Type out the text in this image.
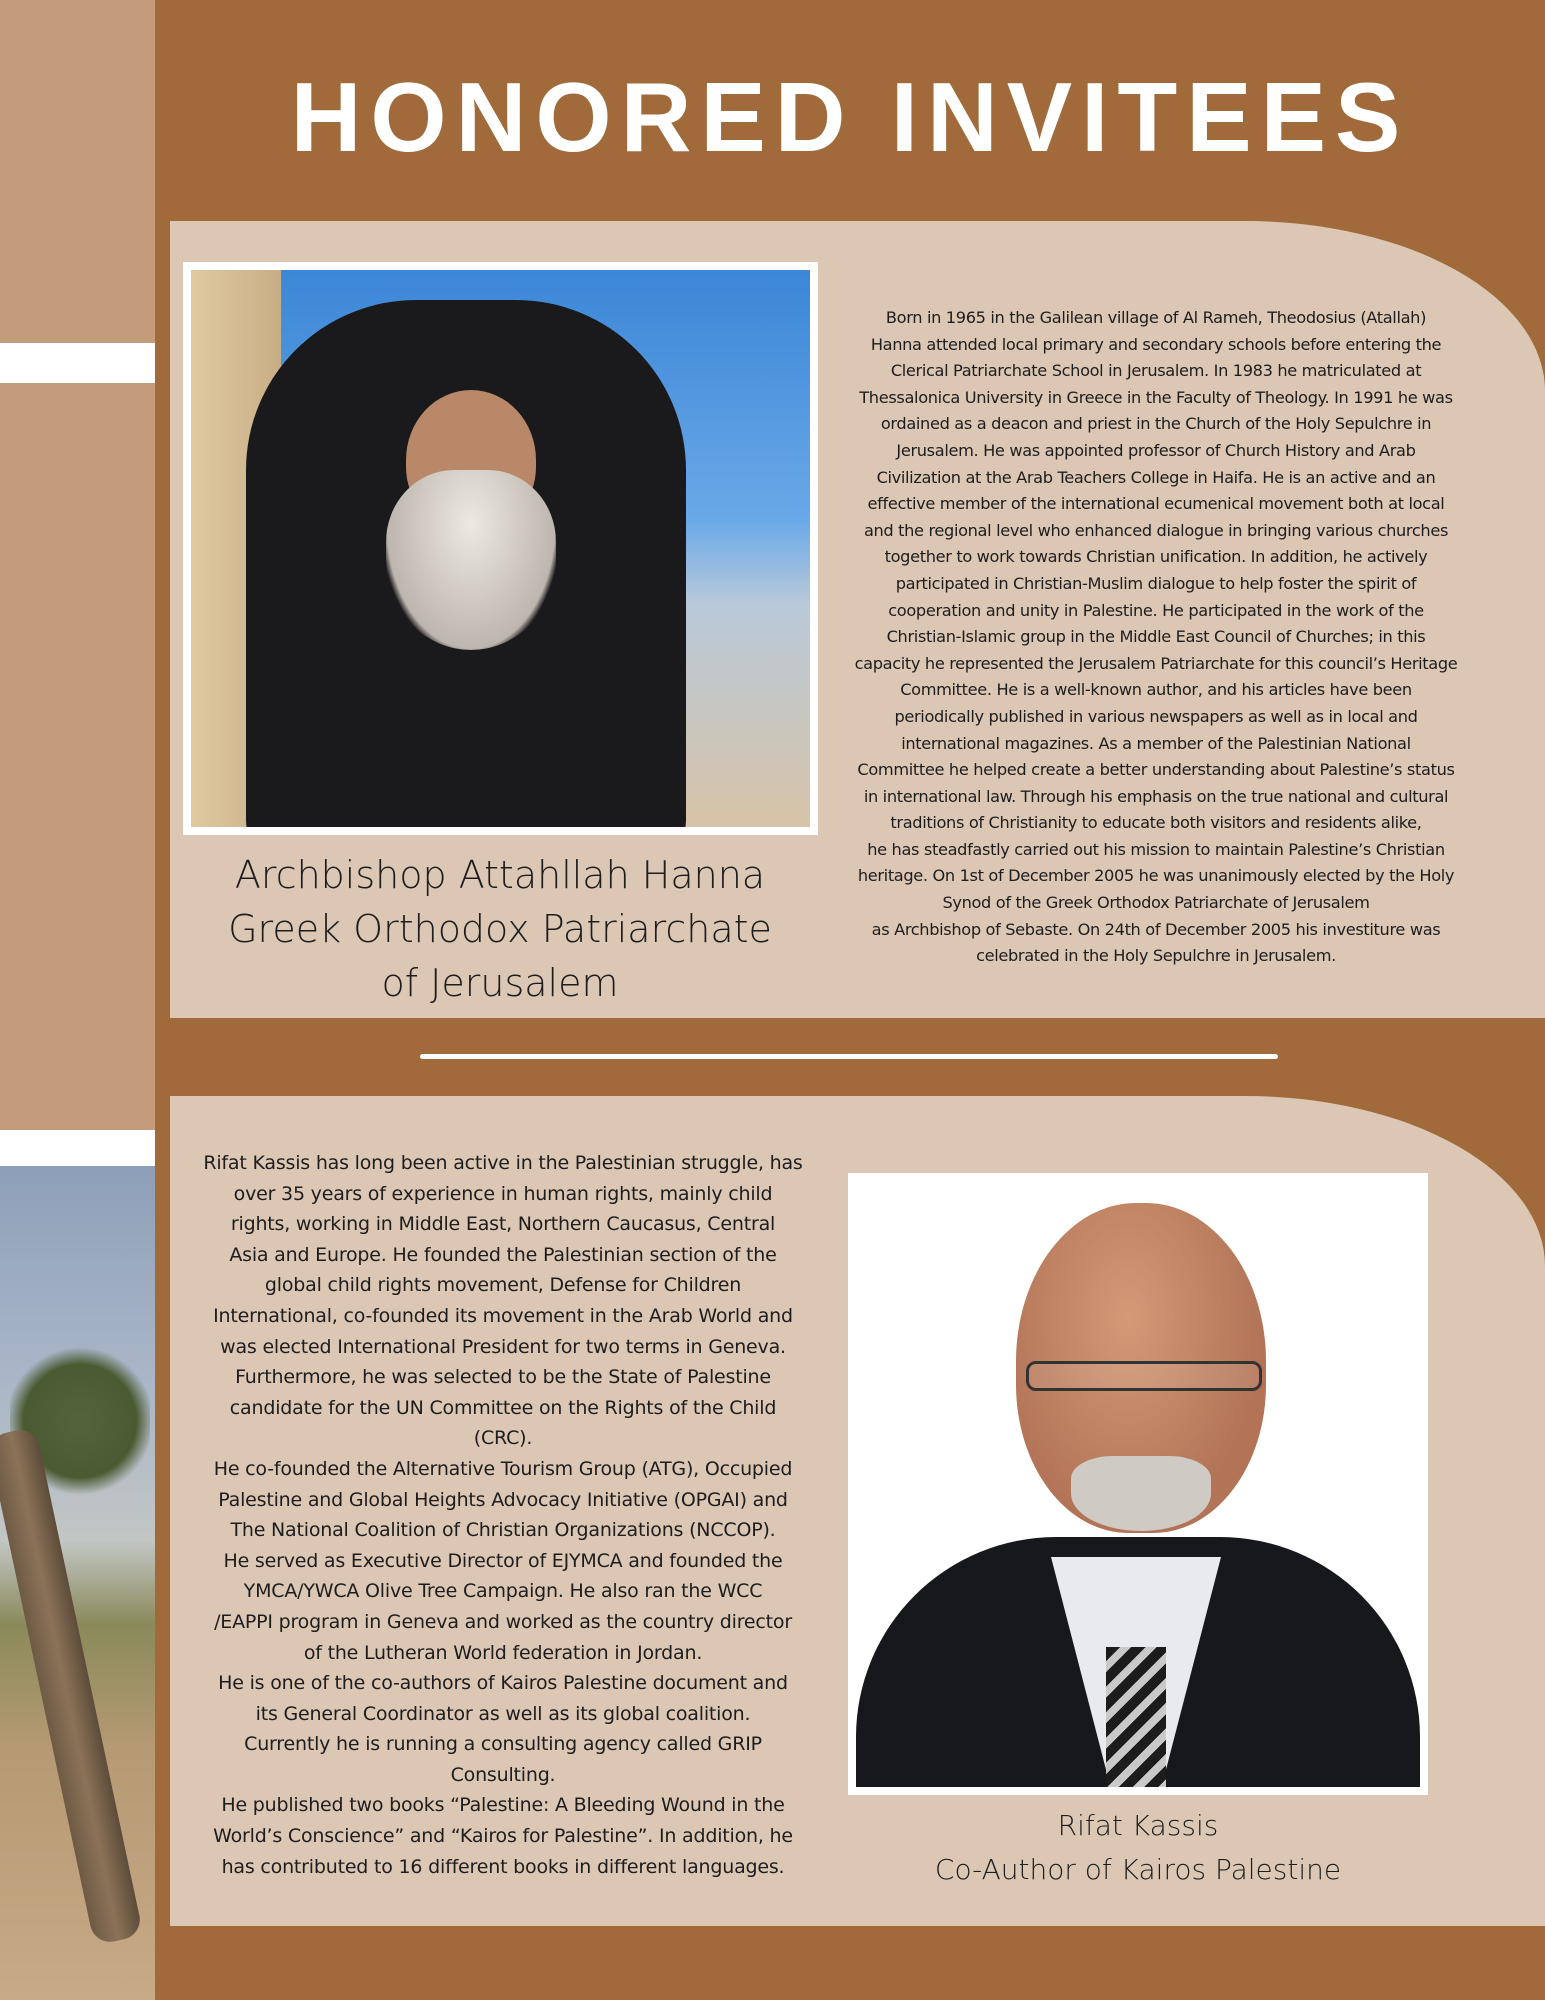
HONORED INVITEES
Archbishop Attahllah Hanna
Greek Orthodox Patriarchate
of Jerusalem

Born in 1965 in the Galilean village of Al Rameh, Theodosius (Atallah)
Hanna attended local primary and secondary schools before entering the
Clerical Patriarchate School in Jerusalem. In 1983 he matriculated at
Thessalonica University in Greece in the Faculty of Theology. In 1991 he was
ordained as a deacon and priest in the Church of the Holy Sepulchre in
Jerusalem. He was appointed professor of Church History and Arab
Civilization at the Arab Teachers College in Haifa. He is an active and an
effective member of the international ecumenical movement both at local
and the regional level who enhanced dialogue in bringing various churches
together to work towards Christian unification. In addition, he actively
participated in Christian-Muslim dialogue to help foster the spirit of
cooperation and unity in Palestine. He participated in the work of the
Christian-Islamic group in the Middle East Council of Churches; in this
capacity he represented the Jerusalem Patriarchate for this council’s Heritage
Committee. He is a well-known author, and his articles have been
periodically published in various newspapers as well as in local and
international magazines. As a member of the Palestinian National
Committee he helped create a better understanding about Palestine’s status
in international law. Through his emphasis on the true national and cultural
traditions of Christianity to educate both visitors and residents alike,
he has steadfastly carried out his mission to maintain Palestine’s Christian
heritage. On 1st of December 2005 he was unanimously elected by the Holy
Synod of the Greek Orthodox Patriarchate of Jerusalem
as Archbishop of Sebaste. On 24th of December 2005 his investiture was
celebrated in the Holy Sepulchre in Jerusalem.

Rifat Kassis has long been active in the Palestinian struggle, has
over 35 years of experience in human rights, mainly child
rights, working in Middle East, Northern Caucasus, Central
Asia and Europe. He founded the Palestinian section of the
global child rights movement, Defense for Children
International, co-founded its movement in the Arab World and
was elected International President for two terms in Geneva.
Furthermore, he was selected to be the State of Palestine
candidate for the UN Committee on the Rights of the Child
(CRC).
He co-founded the Alternative Tourism Group (ATG), Occupied
Palestine and Global Heights Advocacy Initiative (OPGAI) and
The National Coalition of Christian Organizations (NCCOP).
He served as Executive Director of EJYMCA and founded the
YMCA/YWCA Olive Tree Campaign. He also ran the WCC
/EAPPI program in Geneva and worked as the country director
of the Lutheran World federation in Jordan.
He is one of the co-authors of Kairos Palestine document and
its General Coordinator as well as its global coalition.
Currently he is running a consulting agency called GRIP
Consulting.
He published two books “Palestine: A Bleeding Wound in the
World’s Conscience” and “Kairos for Palestine”. In addition, he
has contributed to 16 different books in different languages.

Rifat Kassis
Co-Author of Kairos Palestine
